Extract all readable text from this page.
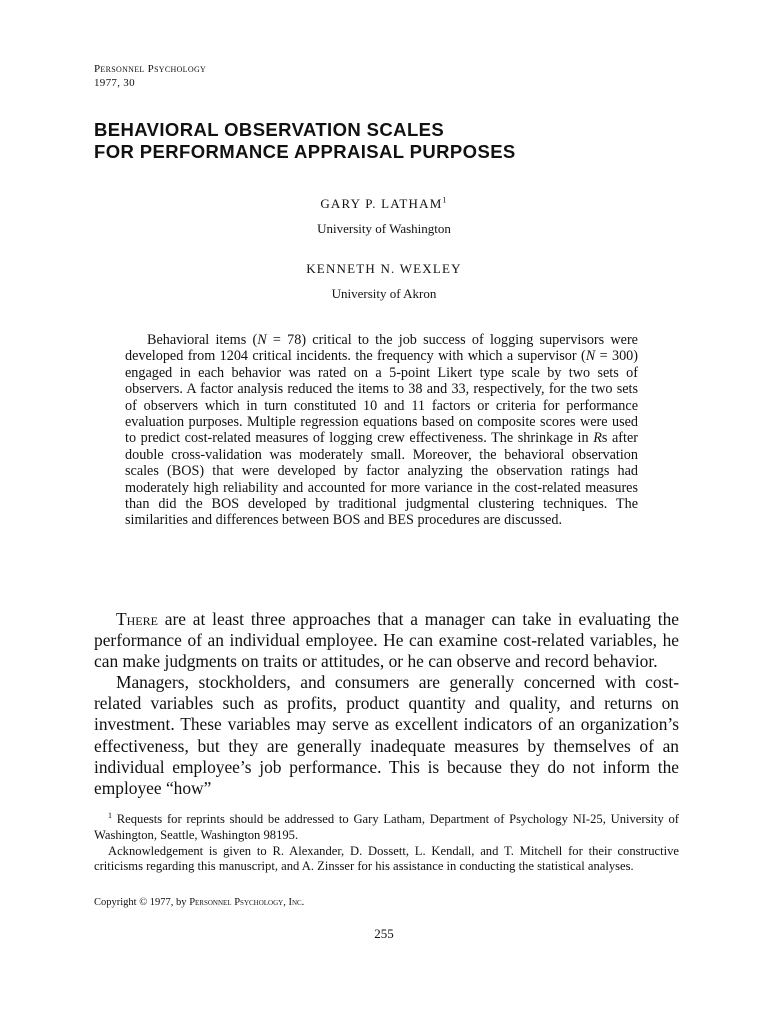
Personnel Psychology
1977, 30
BEHAVIORAL OBSERVATION SCALES
FOR PERFORMANCE APPRAISAL PURPOSES
GARY P. LATHAM$^1$
University of Washington
KENNETH N. WEXLEY
University of Akron

Behavioral items (N = 78) critical to the job success of logging supervisors were developed from 1204 critical incidents. the frequency with which a supervisor (N = 300) engaged in each behavior was rated on a 5-point Likert type scale by two sets of observers. A factor analysis reduced the items to 38 and 33, respectively, for the two sets of observers which in turn constituted 10 and 11 factors or criteria for performance evaluation purposes. Multiple regression equations based on composite scores were used to predict cost-related measures of logging crew effectiveness. The shrinkage in Rs after double cross-validation was moderately small. Moreover, the behavioral observation scales (BOS) that were developed by factor analyzing the observation ratings had moderately high reliability and accounted for more variance in the cost-related measures than did the BOS developed by traditional judgmental clustering techniques. The similarities and differences between BOS and BES procedures are discussed.

There are at least three approaches that a manager can take in evaluating the performance of an individual employee. He can examine cost-related variables, he can make judgments on traits or attitudes, or he can observe and record behavior.

Managers, stockholders, and consumers are generally concerned with cost-related variables such as profits, product quantity and quality, and returns on investment. These variables may serve as excellent indicators of an organization’s effectiveness, but they are generally inadequate measures by themselves of an individual employee’s job performance. This is because they do not inform the employee “how”

$^1$ Requests for reprints should be addressed to Gary Latham, Department of Psychology NI-25, University of Washington, Seattle, Washington 98195.

Acknowledgement is given to R. Alexander, D. Dossett, L. Kendall, and T. Mitchell for their constructive criticisms regarding this manuscript, and A. Zinsser for his assistance in conducting the statistical analyses.

Copyright © 1977, by Personnel Psychology, Inc.
255
